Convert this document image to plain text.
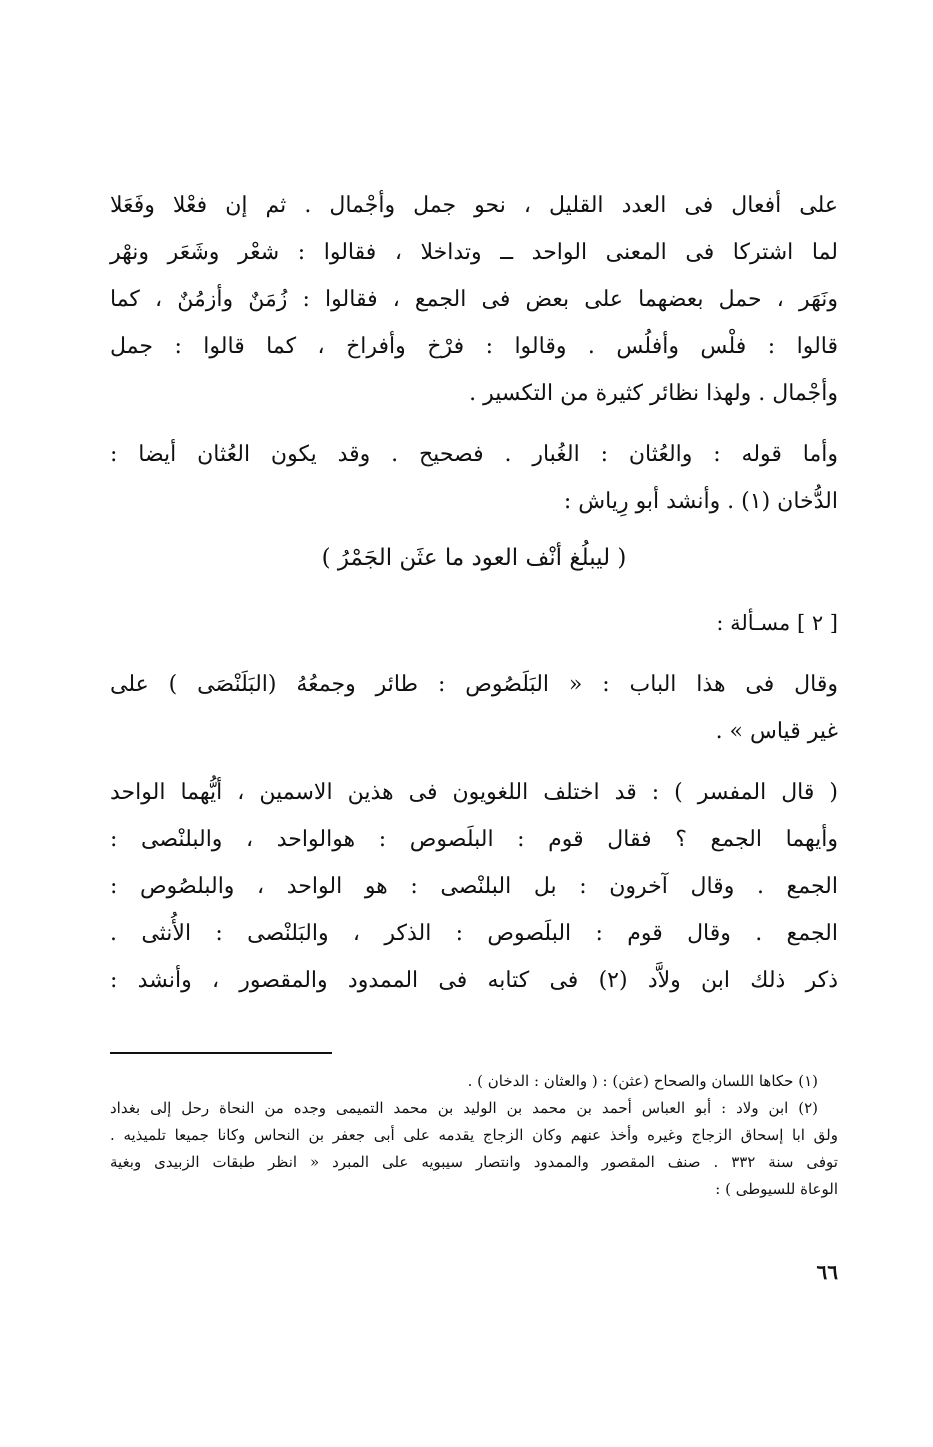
على أفعال فى العدد القليل ، نحو جمل وأجْمال . ثم إن فعْلا وفَعَلا
لما اشتركا فى المعنى الواحد ــ وتداخلا ، فقالوا : شعْر وشَعَر ونهْر
ونَهَر ، حمل بعضهما على بعض فى الجمع ، فقالوا : زُمَنٌ وأزمُنٌ ، كما
قالوا : فلْس وأفلُس . وقالوا : فرْخ وأفراخ ، كما قالوا : جمل
وأجْمال . ولهذا نظائر كثيرة من التكسير .
وأما قوله : والعُثان : الغُبار . فصحيح . وقد يكون العُثان أيضا :
الدُّخان (١) . وأنشد أبو رِياش :
( ليبلُغ أنْف العود ما عثَن الجَمْرُ )
[ ٢ ] مسـألة :
وقال فى هذا الباب : « البَلَصُوص : طائر وجمعُهُ (البَلَنْصَى ) على
غير قياس » .
( قال المفسر ) : قد اختلف اللغويون فى هذين الاسمين ، أيُّهما الواحد
وأيهما الجمع ؟ فقال قوم : البلَصوص : هوالواحد ، والبلنْصى :
الجمع . وقال آخرون : بل البلنْصى : هو الواحد ، والبلصُوص :
الجمع . وقال قوم : البلَصوص : الذكر ، والبَلنْصى : الأُنثى .
ذكر ذلك ابن ولاَّد (٢) فى كتابه فى الممدود والمقصور ، وأنشد :
(١) حكاها اللسان والصحاح (عثن) : ( والعثان : الدخان ) .
(٢) ابن ولاد : أبو العباس أحمد بن محمد بن الوليد بن محمد التميمى وجده من النحاة رحل إلى بغداد
ولق ابا إسحاق الزجاج وغيره وأخذ عنهم وكان الزجاج يقدمه على أبى جعفر بن النحاس وكانا جميعا تلميذيه .
توفى سنة ٣٣٢ . صنف المقصور والممدود وانتصار سيبويه على المبرد « انظر طبقات الزبيدى وبغية
الوعاة للسيوطى ) :
٦٦
